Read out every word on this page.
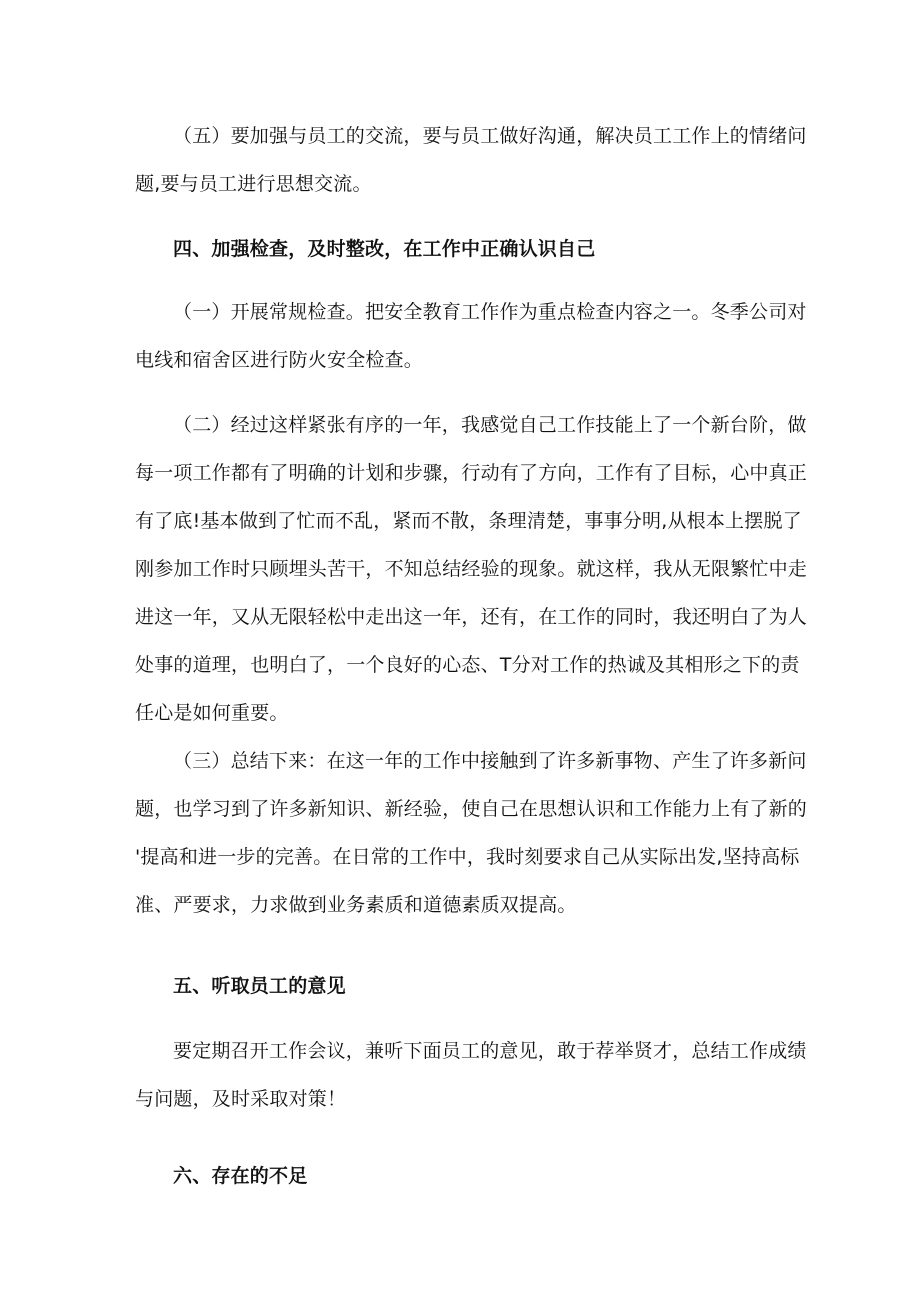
（五）要加强与员工的交流，要与员工做好沟通，解决员工工作上的情绪问
题,要与员工进行思想交流。
四、加强检查，及时整改，在工作中正确认识自己
（一）开展常规检查。把安全教育工作作为重点检查内容之一。冬季公司对
电线和宿舍区进行防火安全检查。
（二）经过这样紧张有序的一年，我感觉自己工作技能上了一个新台阶，做
每一项工作都有了明确的计划和步骤，行动有了方向，工作有了目标，心中真正
有了底!基本做到了忙而不乱，紧而不散，条理清楚，事事分明,从根本上摆脱了
刚参加工作时只顾埋头苦干，不知总结经验的现象。就这样，我从无限繁忙中走
进这一年，又从无限轻松中走出这一年，还有，在工作的同时，我还明白了为人
处事的道理，也明白了，一个良好的心态、T分对工作的热诚及其相形之下的责
任心是如何重要。
（三）总结下来：在这一年的工作中接触到了许多新事物、产生了许多新问
题，也学习到了许多新知识、新经验，使自己在思想认识和工作能力上有了新的
'提高和进一步的完善。在日常的工作中，我时刻要求自己从实际出发,坚持高标
准、严要求，力求做到业务素质和道德素质双提高。
五、听取员工的意见
要定期召开工作会议，兼听下面员工的意见，敢于荐举贤才，总结工作成绩
与问题，及时采取对策！
六、存在的不足
